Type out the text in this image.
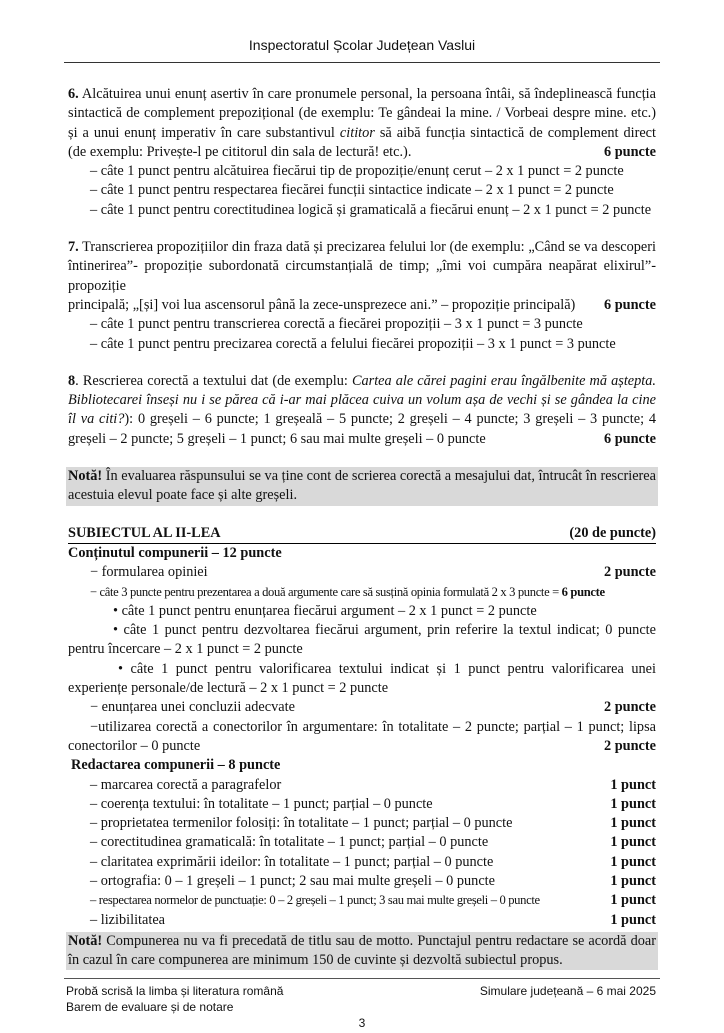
Inspectoratul Școlar Județean Vaslui
6. Alcătuirea unui enunț asertiv în care pronumele personal, la persoana întâi, să îndeplinească funcția sintactică de complement prepozițional (de exemplu: Te gândeai la mine. / Vorbeai despre mine. etc.) și a unui enunț imperativ în care substantivul cititor să aibă funcția sintactică de complement direct
(de exemplu: Privește-l pe cititorul din sala de lectură! etc.).	6 puncte
– câte 1 punct pentru alcătuirea fiecărui tip de propoziție/enunț cerut – 2 x 1 punct = 2 puncte
– câte 1 punct pentru respectarea fiecărei funcții sintactice indicate – 2 x 1 punct = 2 puncte
– câte 1 punct pentru corectitudinea logică și gramaticală a fiecărui enunț – 2 x 1 punct = 2 puncte
7. Transcrierea propozițiilor din fraza dată și precizarea felului lor (de exemplu: „Când se va descoperi întinerirea”- propoziție subordonată circumstanțială de timp; „îmi voi cumpăra neapărat elixirul”- propoziție
principală; „[și] voi lua ascensorul până la zece-unsprezece ani.” – propoziție principală) 6 puncte
– câte 1 punct pentru transcrierea corectă a fiecărei propoziții – 3 x 1 punct = 3 puncte
– câte 1 punct pentru precizarea corectă a felului fiecărei propoziții – 3 x 1 punct = 3 puncte
8. Rescrierea corectă a textului dat (de exemplu: Cartea ale cărei pagini erau îngălbenite mă aștepta. Bibliotecarei înseși nu i se părea că i-ar mai plăcea cuiva un volum așa de vechi și se gândea la cine îl va citi?): 0 greșeli – 6 puncte; 1 greșeală – 5 puncte; 2 greșeli – 4 puncte; 3 greșeli – 3 puncte; 4
greșeli – 2 puncte; 5 greșeli – 1 punct; 6 sau mai multe greșeli – 0 puncte	6 puncte
Notă! În evaluarea răspunsului se va ține cont de scrierea corectă a mesajului dat, întrucât în rescrierea acestuia elevul poate face și alte greșeli.
SUBIECTUL AL II-LEA	(20 de puncte)
Conținutul compunerii – 12 puncte
− formularea opiniei	2 puncte
− câte 3 puncte pentru prezentarea a două argumente care să susțină opinia formulată 2 x 3 puncte = 6 puncte
• câte 1 punct pentru enunțarea fiecărui argument – 2 x 1 punct = 2 puncte
• câte 1 punct pentru dezvoltarea fiecărui argument, prin referire la textul indicat; 0 puncte
pentru încercare – 2 x 1 punct = 2 puncte
• câte 1 punct pentru valorificarea textului indicat și 1 punct pentru valorificarea unei
experiențe personale/de lectură – 2 x 1 punct = 2 puncte
− enunțarea unei concluzii adecvate	2 puncte
−utilizarea corectă a conectorilor în argumentare: în totalitate – 2 puncte; parțial – 1 punct; lipsa
conectorilor – 0 puncte	2 puncte
Redactarea compunerii – 8 puncte
– marcarea corectă a paragrafelor	1 punct
– coerența textului: în totalitate – 1 punct; parțial – 0 puncte	1 punct
– proprietatea termenilor folosiți: în totalitate – 1 punct; parțial – 0 puncte	1 punct
– corectitudinea gramaticală: în totalitate – 1 punct; parțial – 0 puncte	1 punct
– claritatea exprimării ideilor: în totalitate – 1 punct; parțial – 0 puncte	1 punct
– ortografia: 0 – 1 greșeli – 1 punct; 2 sau mai multe greșeli – 0 puncte	1 punct
– respectarea normelor de punctuație: 0 – 2 greșeli – 1 punct; 3 sau mai multe greșeli – 0 puncte	1 punct
– lizibilitatea	1 punct
Notă! Compunerea nu va fi precedată de titlu sau de motto. Punctajul pentru redactare se acordă doar în cazul în care compunerea are minimum 150 de cuvinte și dezvoltă subiectul propus.
Probă scrisă la limba și literatura română
Barem de evaluare și de notare
Simulare județeană – 6 mai 2025
3
